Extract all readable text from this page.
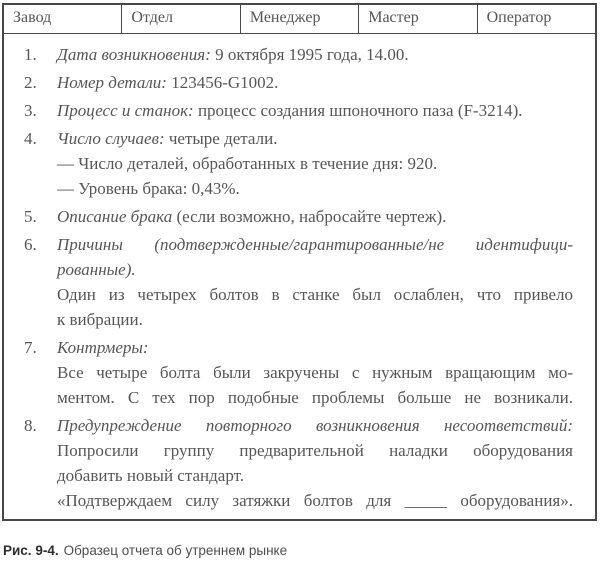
Завод	Отдел	Менеджер	Мастер	Оператор
1.	Дата возникновения: 9 октября 1995 года, 14.00.
2.	Номер детали: 123456-G1002.
3.	Процесс и станок: процесс создания шпоночного паза (F-3214).
4.	Число случаев: четыре детали.
— Число деталей, обработанных в течение дня: 920.
— Уровень брака: 0,43%.
5.	Описание брака (если возможно, набросайте чертеж).
6.	Причины (подтвержденные/гарантированные/не идентифици-
рованные).
Один из четырех болтов в станке был ослаблен, что привело
к вибрации.
7.	Контрмеры:
Все четыре болта были закручены с нужным вращающим мо-
ментом. С тех пор подобные проблемы больше не возникали.
8.	Предупреждение повторного возникновения несоответствий:
Попросили группу предварительной наладки оборудования
добавить новый стандарт.
«Подтверждаем силу затяжки болтов для _____ оборудования».
Рис. 9-4. Образец отчета об утреннем рынке
